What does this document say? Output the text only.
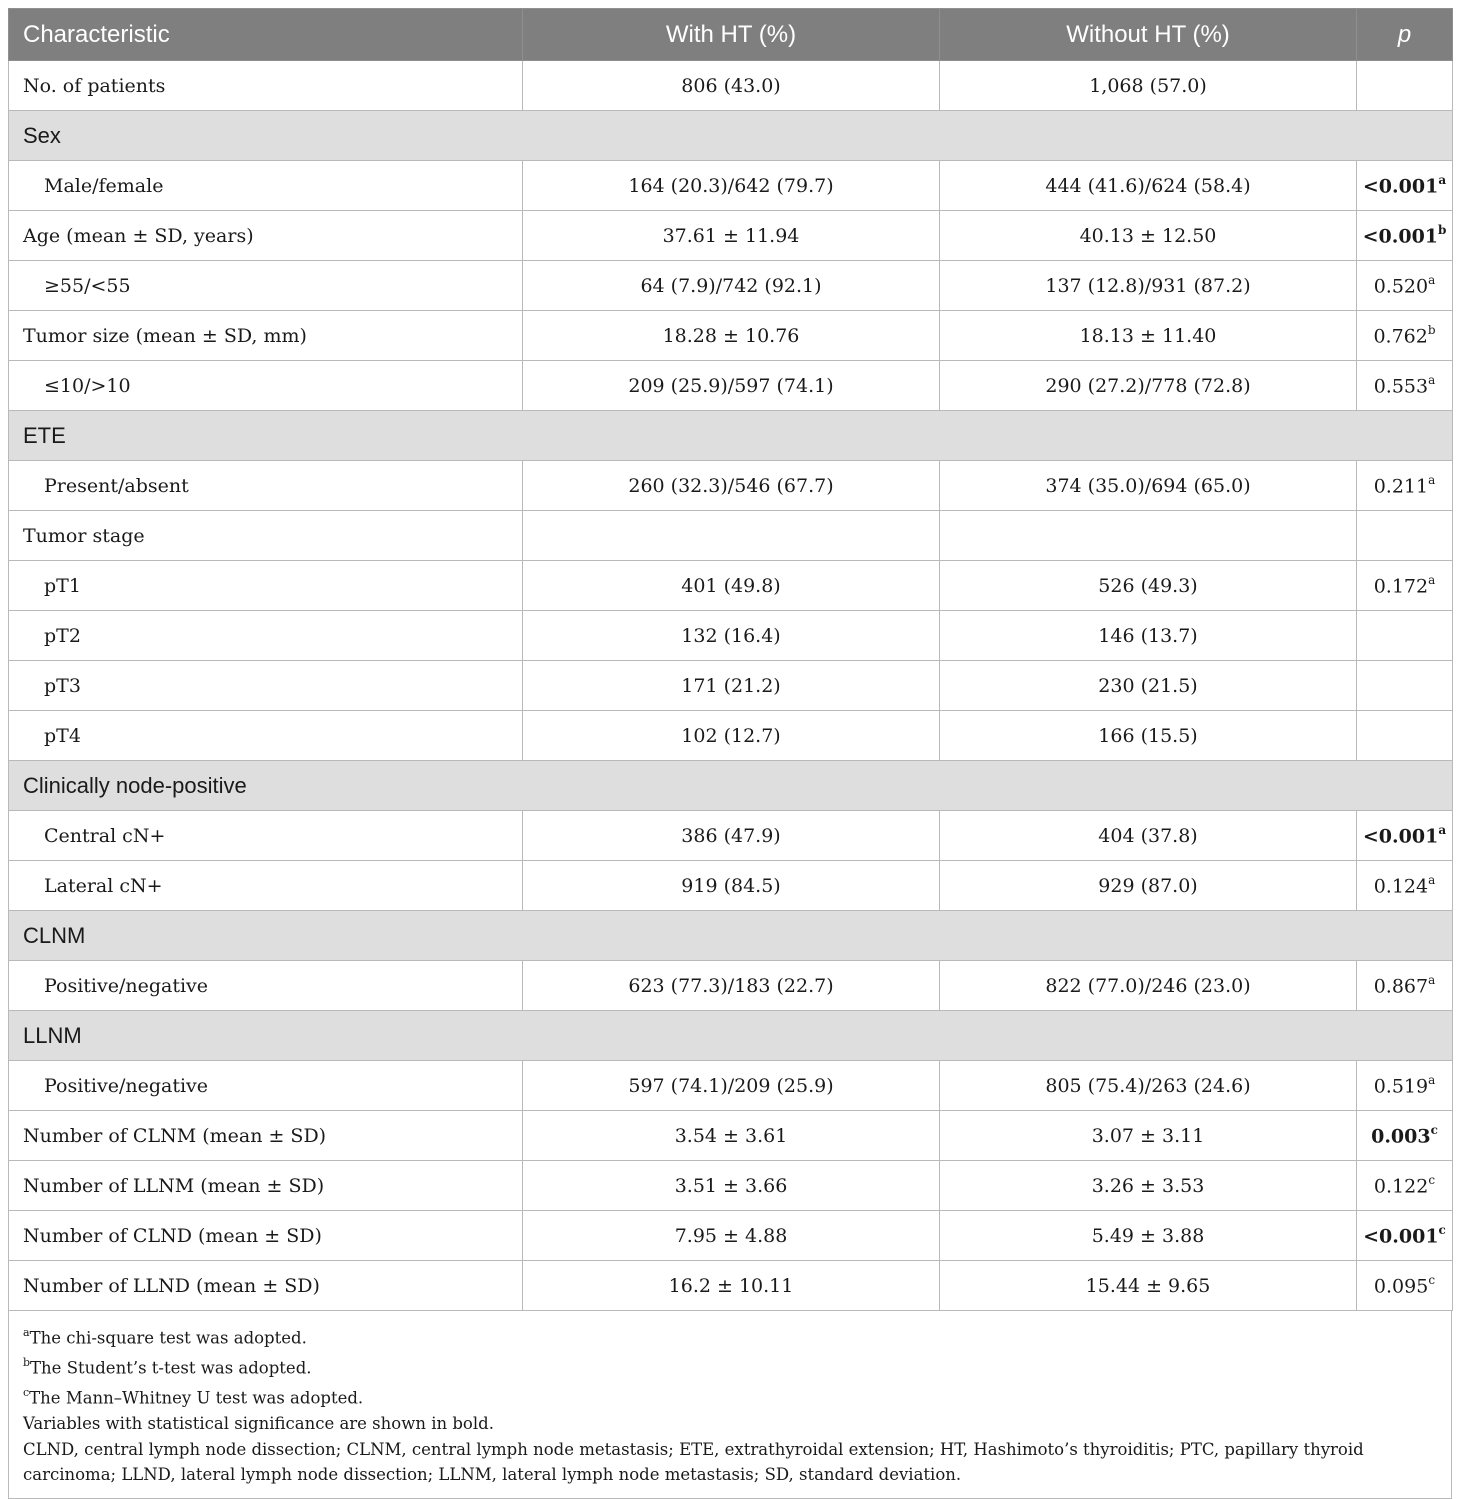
Characteristic	With HT (%)	Without HT (%)	p
No. of patients	806 (43.0)	1,068 (57.0)	
Sex			
Male/female	164 (20.3)/642 (79.7)	444 (41.6)/624 (58.4)	<0.001$^a$
Age (mean ± SD, years)	37.61 ± 11.94	40.13 ± 12.50	<0.001$^b$
≥55/<55	64 (7.9)/742 (92.1)	137 (12.8)/931 (87.2)	0.520$^a$
Tumor size (mean ± SD, mm)	18.28 ± 10.76	18.13 ± 11.40	0.762$^b$
≤10/>10	209 (25.9)/597 (74.1)	290 (27.2)/778 (72.8)	0.553$^a$
ETE			
Present/absent	260 (32.3)/546 (67.7)	374 (35.0)/694 (65.0)	0.211$^a$
Tumor stage			
pT1	401 (49.8)	526 (49.3)	0.172$^a$
pT2	132 (16.4)	146 (13.7)	
pT3	171 (21.2)	230 (21.5)	
pT4	102 (12.7)	166 (15.5)	
Clinically node-positive			
Central cN+	386 (47.9)	404 (37.8)	<0.001$^a$
Lateral cN+	919 (84.5)	929 (87.0)	0.124$^a$
CLNM			
Positive/negative	623 (77.3)/183 (22.7)	822 (77.0)/246 (23.0)	0.867$^a$
LLNM			
Positive/negative	597 (74.1)/209 (25.9)	805 (75.4)/263 (24.6)	0.519$^a$
Number of CLNM (mean ± SD)	3.54 ± 3.61	3.07 ± 3.11	0.003$^c$
Number of LLNM (mean ± SD)	3.51 ± 3.66	3.26 ± 3.53	0.122$^c$
Number of CLND (mean ± SD)	7.95 ± 4.88	5.49 ± 3.88	<0.001$^c$
Number of LLND (mean ± SD)	16.2 ± 10.11	15.44 ± 9.65	0.095$^c$
$^a$The chi-square test was adopted.
$^b$The Student’s t-test was adopted.
$^c$The Mann–Whitney U test was adopted.
Variables with statistical significance are shown in bold.
CLND, central lymph node dissection; CLNM, central lymph node metastasis; ETE, extrathyroidal extension; HT, Hashimoto’s thyroiditis; PTC, papillary thyroid carcinoma; LLND, lateral lymph node dissection; LLNM, lateral lymph node metastasis; SD, standard deviation.
